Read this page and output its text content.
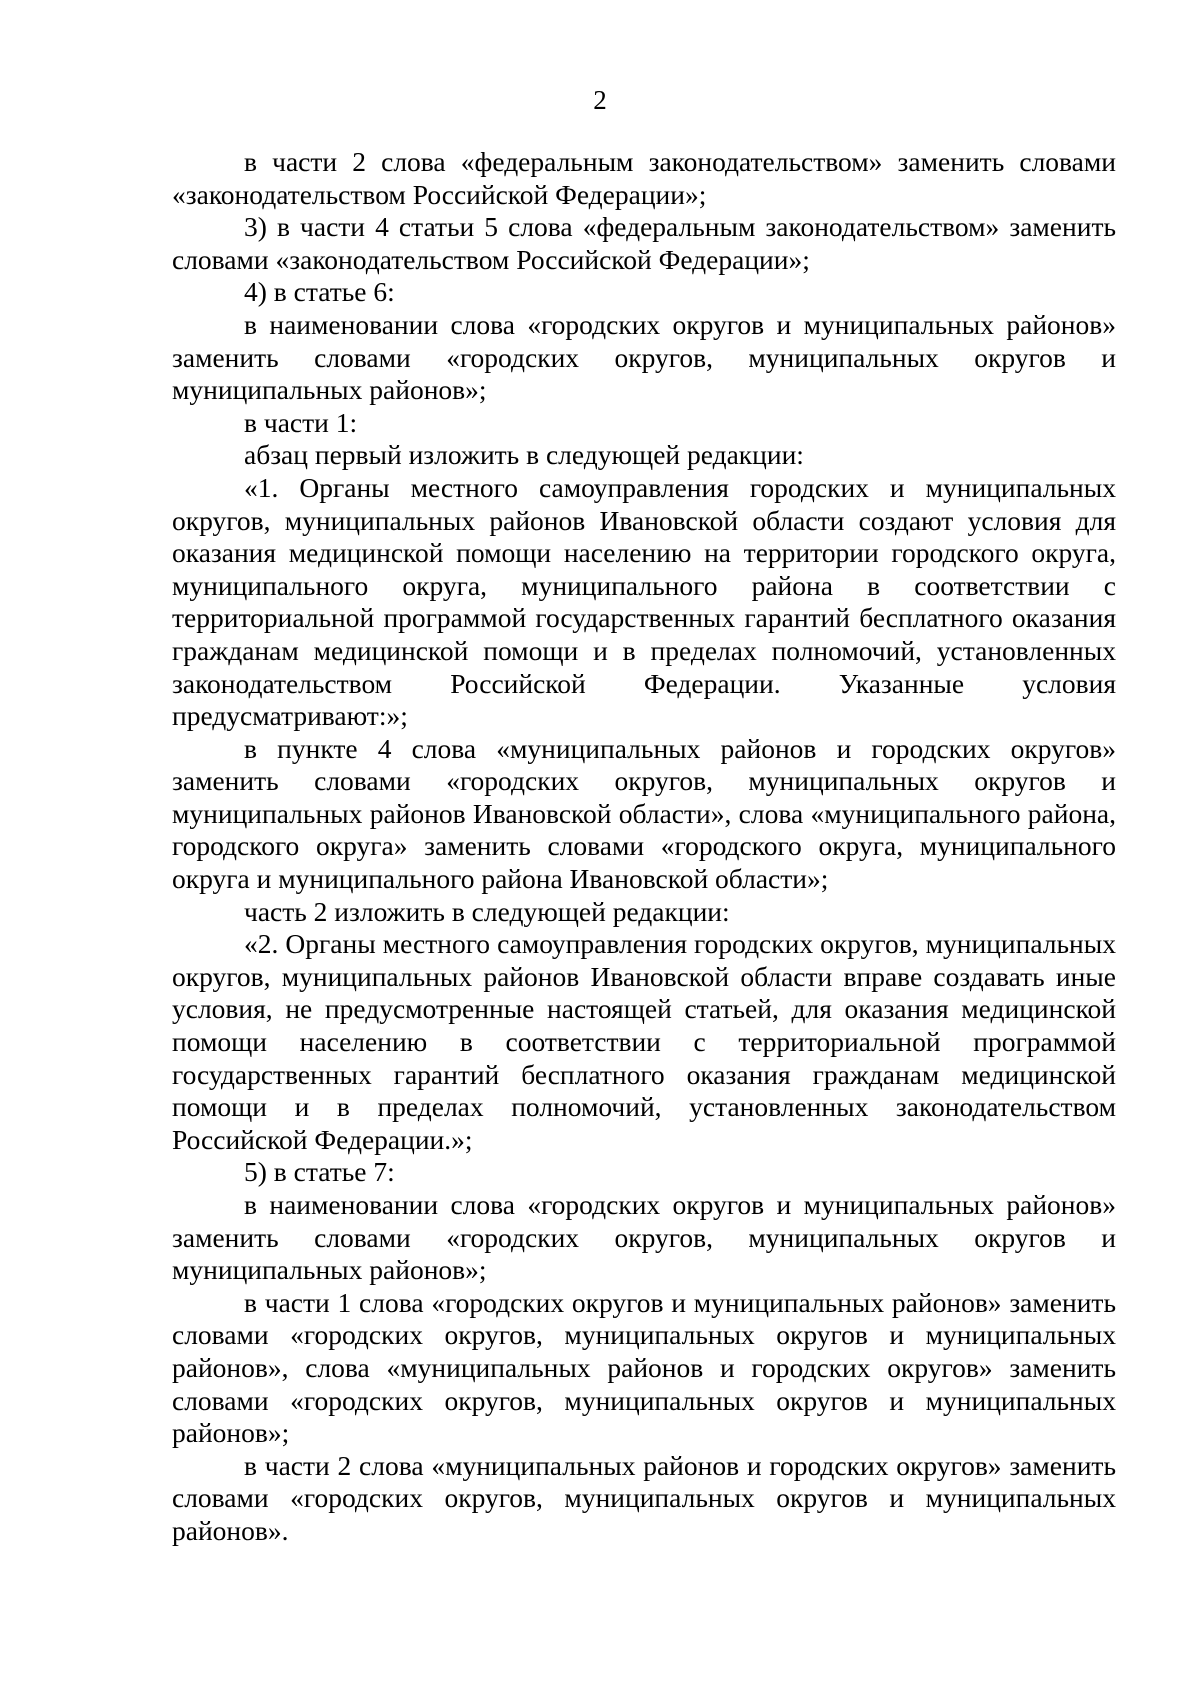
2

в части 2 слова «федеральным законодательством» заменить словами «законодательством Российской Федерации»;

3) в части 4 статьи 5 слова «федеральным законодательством» заменить словами «законодательством Российской Федерации»;

4) в статье 6:

в наименовании слова «городских округов и муниципальных районов» заменить словами «городских округов, муниципальных округов и муниципальных районов»;

в части 1:

абзац первый изложить в следующей редакции:

«1. Органы местного самоуправления городских и муниципальных округов, муниципальных районов Ивановской области создают условия для оказания медицинской помощи населению на территории городского округа, муниципального округа, муниципального района в соответствии с территориальной программой государственных гарантий бесплатного оказания гражданам медицинской помощи и в пределах полномочий, установленных законодательством Российской Федерации. Указанные условия предусматривают:»;

в пункте 4 слова «муниципальных районов и городских округов» заменить словами «городских округов, муниципальных округов и муниципальных районов Ивановской области», слова «муниципального района, городского округа» заменить словами «городского округа, муниципального округа и муниципального района Ивановской области»;

часть 2 изложить в следующей редакции:

«2. Органы местного самоуправления городских округов, муниципальных округов, муниципальных районов Ивановской области вправе создавать иные условия, не предусмотренные настоящей статьей, для оказания медицинской помощи населению в соответствии с территориальной программой государственных гарантий бесплатного оказания гражданам медицинской помощи и в пределах полномочий, установленных законодательством Российской Федерации.»;

5) в статье 7:

в наименовании слова «городских округов и муниципальных районов» заменить словами «городских округов, муниципальных округов и муниципальных районов»;

в части 1 слова «городских округов и муниципальных районов» заменить словами «городских округов, муниципальных округов и муниципальных районов», слова «муниципальных районов и городских округов» заменить словами «городских округов, муниципальных округов и муниципальных районов»;

в части 2 слова «муниципальных районов и городских округов» заменить словами «городских округов, муниципальных округов и муниципальных районов».
